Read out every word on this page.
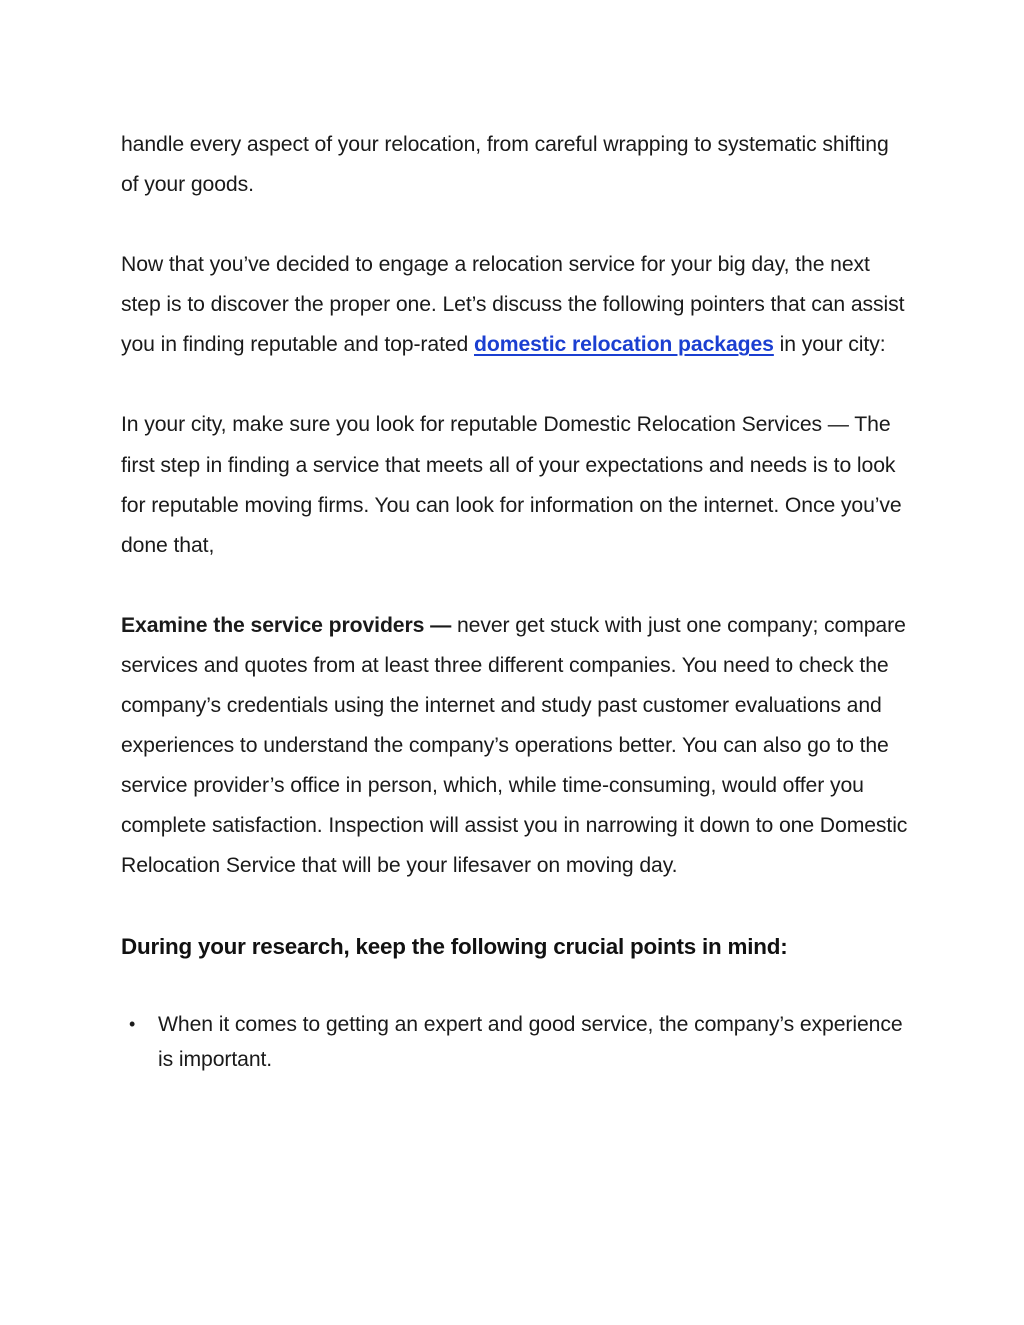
handle every aspect of your relocation, from careful wrapping to systematic shifting of your goods.

Now that you’ve decided to engage a relocation service for your big day, the next step is to discover the proper one. Let’s discuss the following pointers that can assist you in finding reputable and top-rated domestic relocation packages in your city:

In your city, make sure you look for reputable Domestic Relocation Services — The first step in finding a service that meets all of your expectations and needs is to look for reputable moving firms. You can look for information on the internet. Once you’ve done that,

Examine the service providers — never get stuck with just one company; compare services and quotes from at least three different companies. You need to check the company’s credentials using the internet and study past customer evaluations and experiences to understand the company’s operations better. You can also go to the service provider’s office in person, which, while time-consuming, would offer you complete satisfaction. Inspection will assist you in narrowing it down to one Domestic Relocation Service that will be your lifesaver on moving day.

During your research, keep the following crucial points in mind:
• When it comes to getting an expert and good service, the company’s experience is important.
